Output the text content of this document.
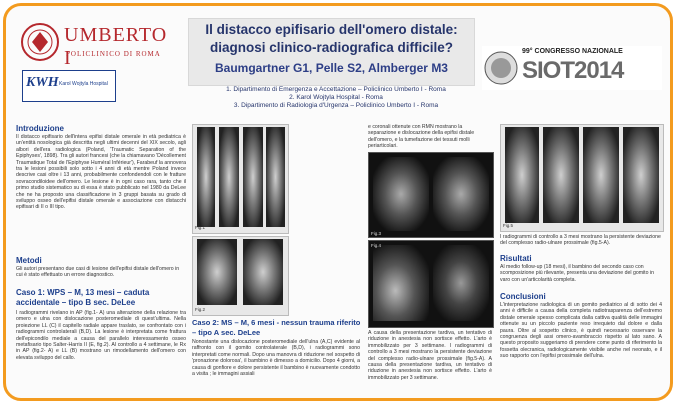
UMBERTO I
POLICLINICO DI ROMA
KWH Karol Wojtyla Hospital
Il distacco epifisario dell'omero distale:
diagnosi clinico-radiografica difficile?
Baumgartner G1, Pelle S2, Almberger M3
1. Dipartimento di Emergenza e Accettazione – Policlinico Umberto I - Roma
2. Karol Wojtyla Hospital - Roma
3. Dipartimento di Radiologia d'Urgenza – Policlinico Umberto I - Roma
99° CONGRESSO NAZIONALE
SIOT2014
Introduzione
Il distacco epifisario dell'intera epifisi distale omerale in età pediatrica è un'entità nosologica già descritta negli ultimi decenni del XIX secolo, agli albori dell'era radiologica (Poland, 'Traumatic Separation of the Epiphyses', 1898). Tra gli autori francesi (che la chiamavano 'Décollement Traumatique Total de l'Epiphyse Huméral Inférieur'), Farabeuf la annovera tra le lesioni possibili solo sotto i 4 anni di età mentre Poland invece descrive casi oltre i 13 anni, probabilmente confondendoli con le fratture sovracondiloidee dell'omero. Le lesione è in ogni caso rara, tanto che il primo studio sistematico su di essa è stato pubblicato nel 1980 da DeLee che ne ha proposto una classificazione in 3 gruppi basata su grado di sviluppo osseo dell'epifisi distale omerale e associazione con distacchi epifisari di II o III tipo.
Metodi
Gli autori presentano due casi di lesione dell'epifisi distale dell'omero in cui è stato effettuato un errore diagnostico.
Caso 1: WPS – M, 13 mesi – caduta accidentale – tipo B sec. DeLee
I radiogrammi rivelano in AP (fig.1- A) una alterazione della relazione tra omero e ulna con dislocazione posteromediale di quest'ultima. Nella proiezione LL (C) il capitello radiale appare traslato, se confrontato con i radiogrammi controlaterali (B,D). La lesione è interpretata come frattura dell'epicondilo mediale a causa del parallelo interessamento osseo metafisario tipo Salter-Harris II (E, fig.2). Al controllo a 4 settimane, le Rx in AP (fig.2- A) e LL (B) mostrano un rimodellamento dell'omero con elevata sviluppo del callo.
Fig.1
Fig.2
Caso 2: MS – M, 6 mesi - nessun trauma riferito – tipo A sec. DeLee
Nonostante una dislocazione posteromediale dell'ulna (A,C) evidente al raffronto con il gomito controlaterale (B,D), i radiogrammi sono interpretati come normali. Dopo una manovra di riduzione nel sospetto di 'pronazione dolorosa', il bambino è dimesso a domicilio. Dopo 4 giorni, a causa di gonfiore e dolore persistente il bambino è nuovamente condotto a visita ; le immagini assiali
e coronali ottenute con RMN mostrano la separazione e dislocazione della epifisi distale dell'omero, e la tumefazione dei tessuti molli periarticolari.
Fig.3
Fig.4
A causa della presentazione tardiva, un tentativo di riduzione in anestesia non sortisce effetto. L'arto è immobilizzato per 3 settimane. I radiogrammi di controllo a 3 mesi mostrano la persistente deviazione del complesso radio-ulnare prossimale (fig.5-A). A causa della presentazione tardiva, un tentativo di riduzione in anestesia non sortisce effetto. L'arto è immobilizzato per 3 settimane.
Fig.5
I radiogrammi di controllo a 3 mesi mostrano la persistente deviazione del complesso radio-ulnare prossimale (fig.5-A).
Risultati
Al medio follow-up (18 mesi), il bambino del secondo caso con scomposizione più rilevante, presenta una deviazione del gomito in varo con un'articolarità completa.
Conclusioni
L'interpretazione radiologica di un gomito pediatrico al di sotto dei 4 anni è difficile a causa della completa radiotrasparenza dell'estremo distale omerale spesso complicata dalla cattiva qualità delle immagini ottenute su un piccolo paziente reso irrequieto dal dolore e dalla paura. Oltre al sospetto clinico, è quindi necessario osservare la congruenza degli assi omero-avambraccio rispetto al lato sano. A questo proposito suggeriamo di prendere come punto di riferimento la fossetta olecranica, radiologicamente visibile anche nel neonato, e il suo rapporto con l'epifisi prossimale dell'ulna.
